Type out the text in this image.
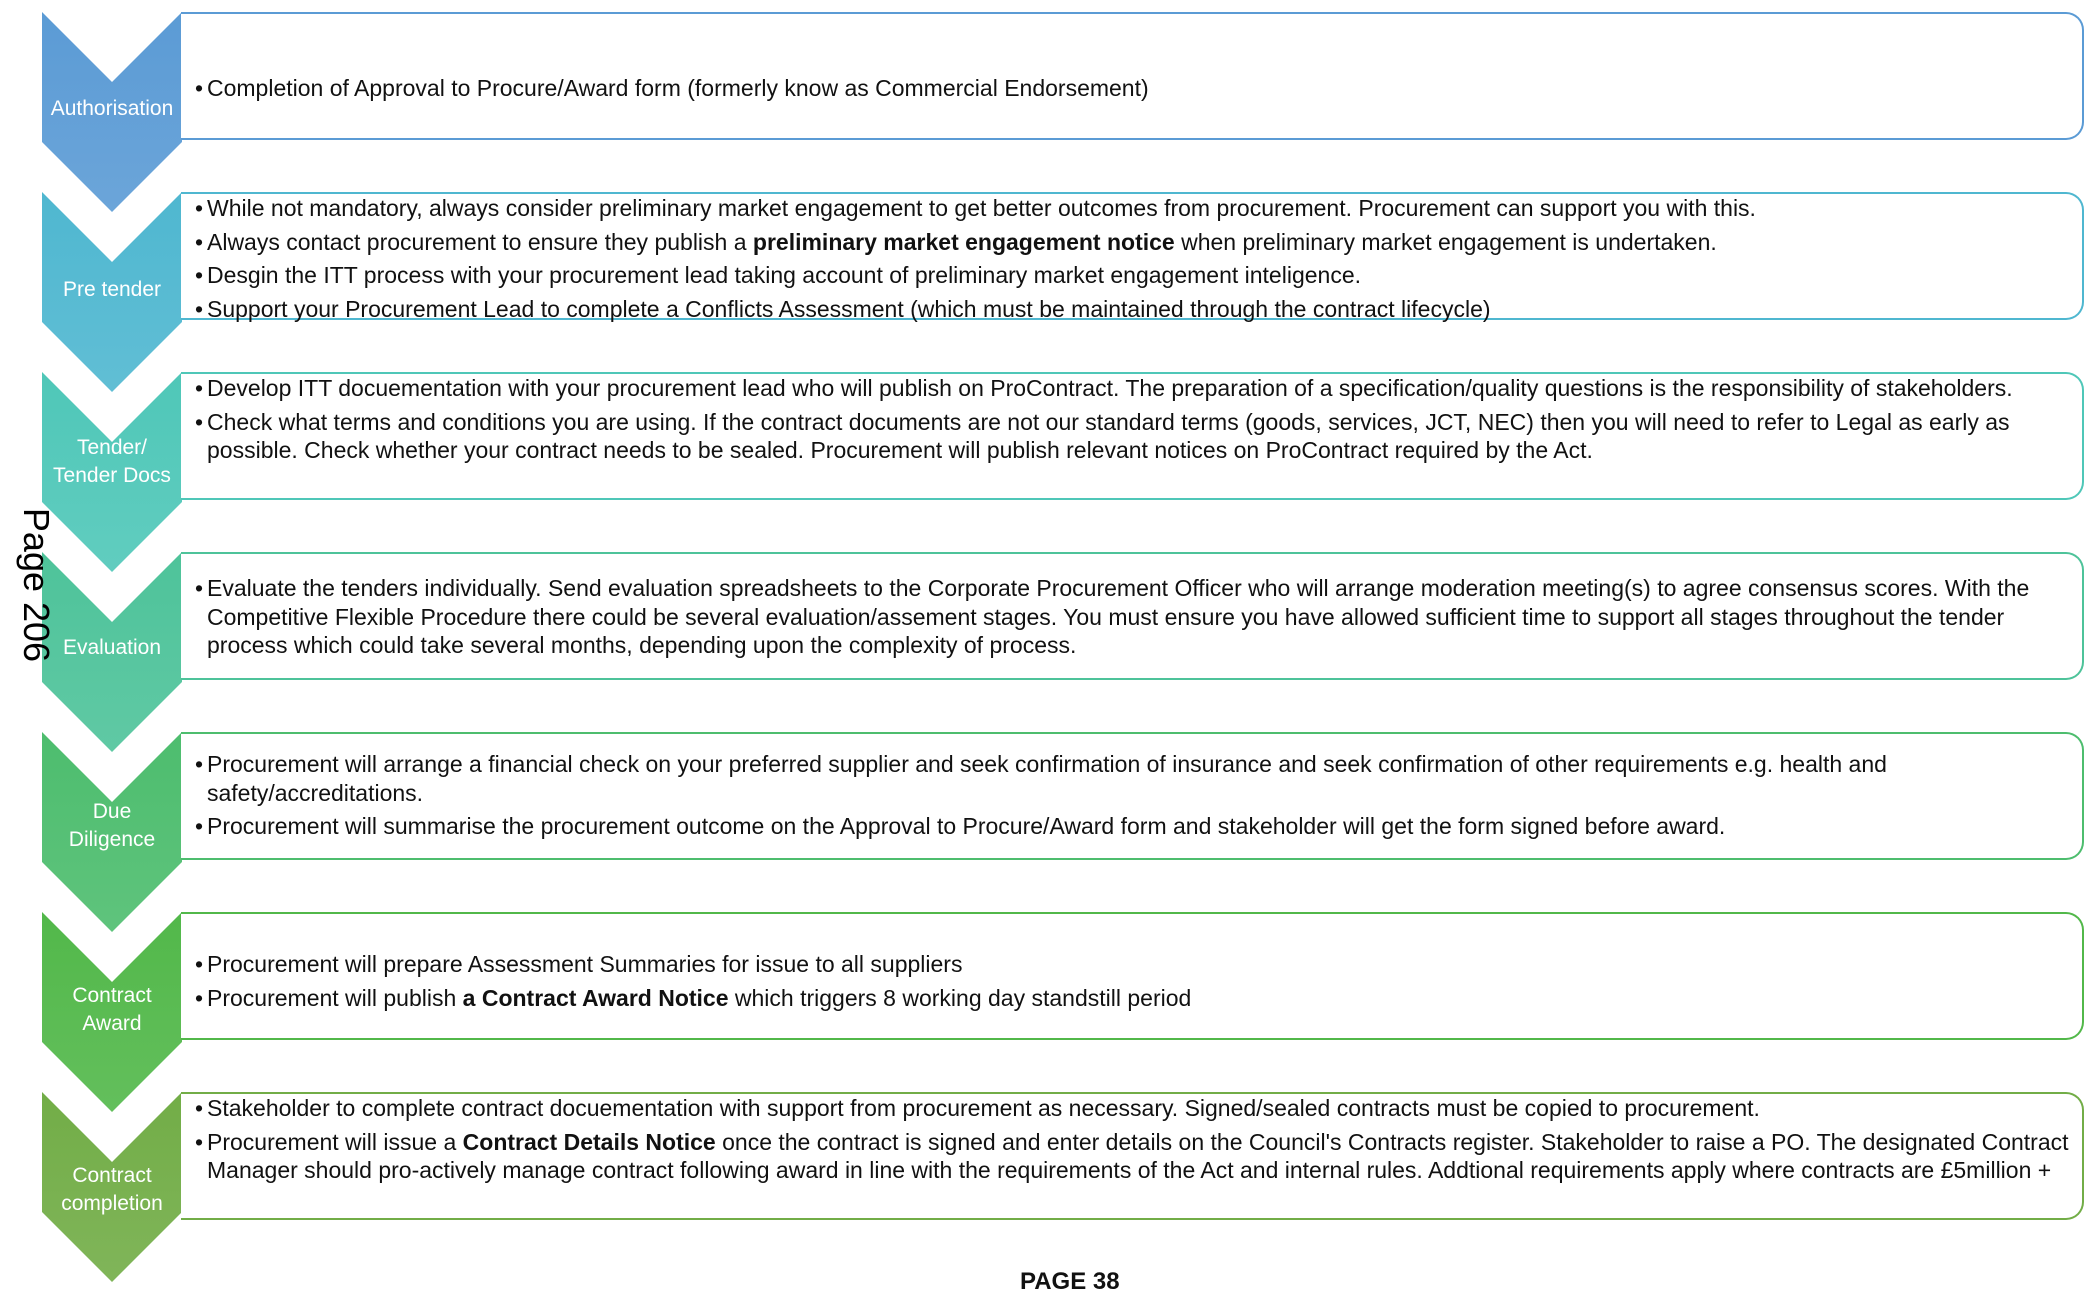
Authorisation
• Completion of Approval to Procure/Award form (formerly know as Commercial Endorsement)
Pre tender
• While not mandatory, always consider preliminary market engagement to get better outcomes from procurement. Procurement can support you with this.
• Always contact procurement to ensure they publish a preliminary market engagement notice when preliminary market engagement is undertaken.
• Desgin the ITT process with your procurement lead taking account of preliminary market engagement inteligence.
• Support your Procurement Lead to complete a Conflicts Assessment (which must be maintained through the contract lifecycle)
Tender/
Tender Docs
• Develop ITT docuementation with your procurement lead who will publish on ProContract. The preparation of a specification/quality questions is the responsibility of stakeholders.
• Check what terms and conditions you are using. If the contract documents are not our standard terms (goods, services, JCT, NEC) then you will need to refer to Legal as early as possible. Check whether your contract needs to be sealed. Procurement will publish relevant notices on ProContract required by the Act.
Evaluation
• Evaluate the tenders individually. Send evaluation spreadsheets to the Corporate Procurement Officer who will arrange moderation meeting(s) to agree consensus scores. With the Competitive Flexible Procedure there could be several evaluation/assement stages. You must ensure you have allowed sufficient time to support all stages throughout the tender process which could take several months, depending upon the complexity of process.
Due
Diligence
• Procurement will arrange a financial check on your preferred supplier and seek confirmation of insurance and seek confirmation of other requirements e.g. health and safety/accreditations.
• Procurement will summarise the procurement outcome on the Approval to Procure/Award form and stakeholder will get the form signed before award.
Contract
Award
• Procurement will prepare Assessment Summaries for issue to all suppliers
• Procurement will publish a Contract Award Notice which triggers 8 working day standstill period
Contract
completion
• Stakeholder to complete contract docuementation with support from procurement as necessary. Signed/sealed contracts must be copied to procurement.
• Procurement will issue a Contract Details Notice once the contract is signed and enter details on the Council's Contracts register. Stakeholder to raise a PO. The designated Contract Manager should pro-actively manage contract following award in line with the requirements of the Act and internal rules. Addtional requirements apply where contracts are £5million +
Page 206
PAGE 38
